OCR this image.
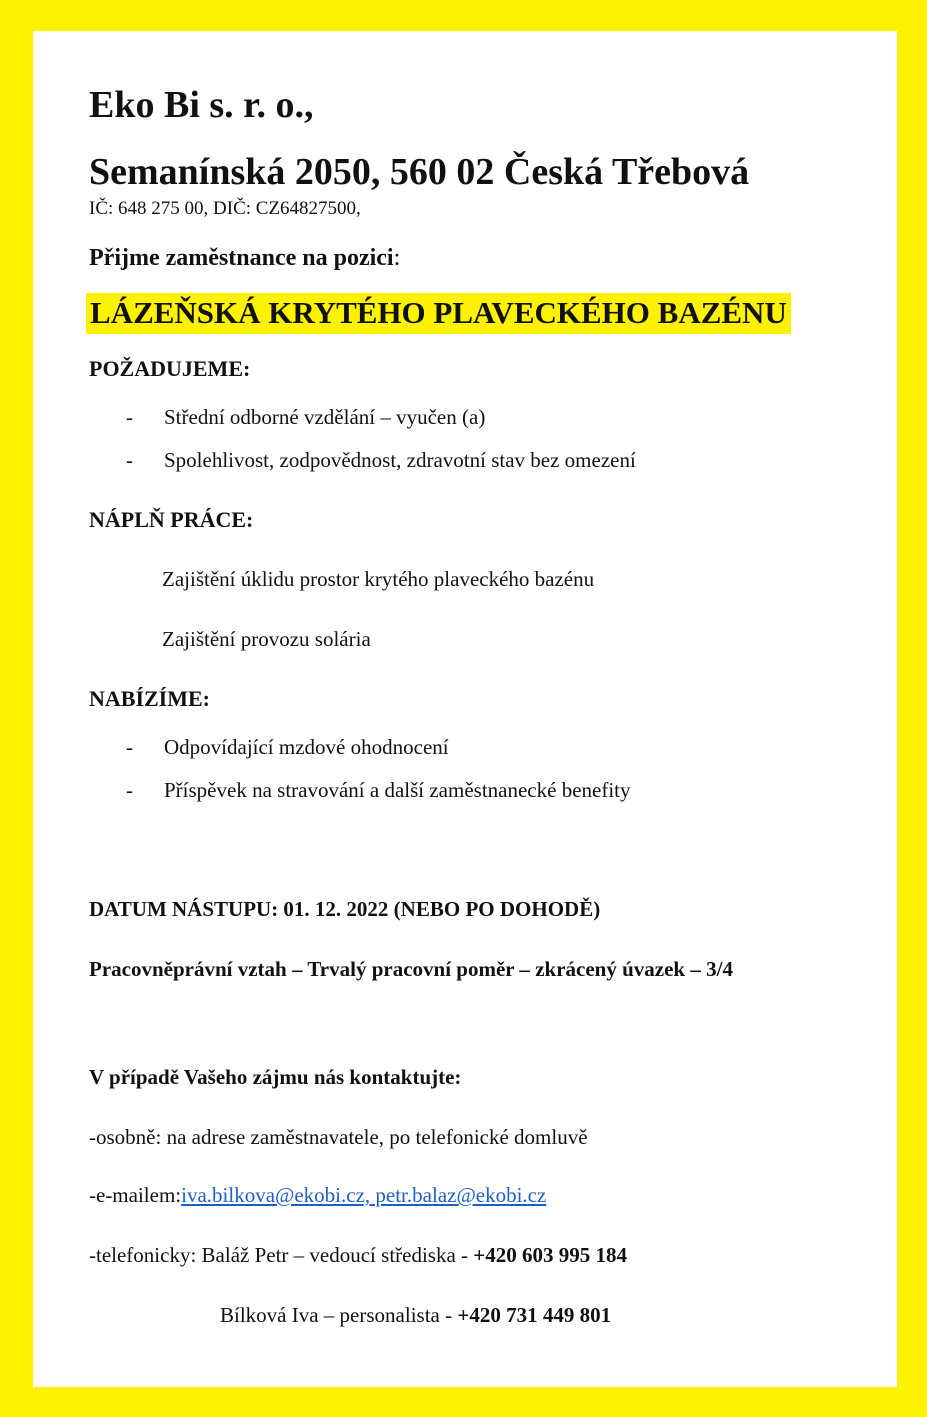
Eko Bi s. r. o.,
Semanínská 2050, 560 02 Česká Třebová
IČ: 648 275 00, DIČ: CZ64827500,
Přijme zaměstnance na pozici:
LÁZEŇSKÁ KRYTÉHO PLAVECKÉHO BAZÉNU
POŽADUJEME:
- Střední odborné vzdělání – vyučen (a)
- Spolehlivost, zodpovědnost, zdravotní stav bez omezení
NÁPLŇ PRÁCE:
Zajištění úklidu prostor krytého plaveckého bazénu
Zajištění provozu solária
NABÍZÍME:
- Odpovídající mzdové ohodnocení
- Příspěvek na stravování a další zaměstnanecké benefity
DATUM NÁSTUPU: 01. 12. 2022 (NEBO PO DOHODĚ)
Pracovněprávní vztah – Trvalý pracovní poměr – zkrácený úvazek – 3/4
V případě Vašeho zájmu nás kontaktujte:
-osobně: na adrese zaměstnavatele, po telefonické domluvě
-e-mailem:iva.bilkova@ekobi.cz, petr.balaz@ekobi.cz
-telefonicky: Baláž Petr – vedoucí střediska - +420 603 995 184
Bílková Iva – personalista - +420 731 449 801
